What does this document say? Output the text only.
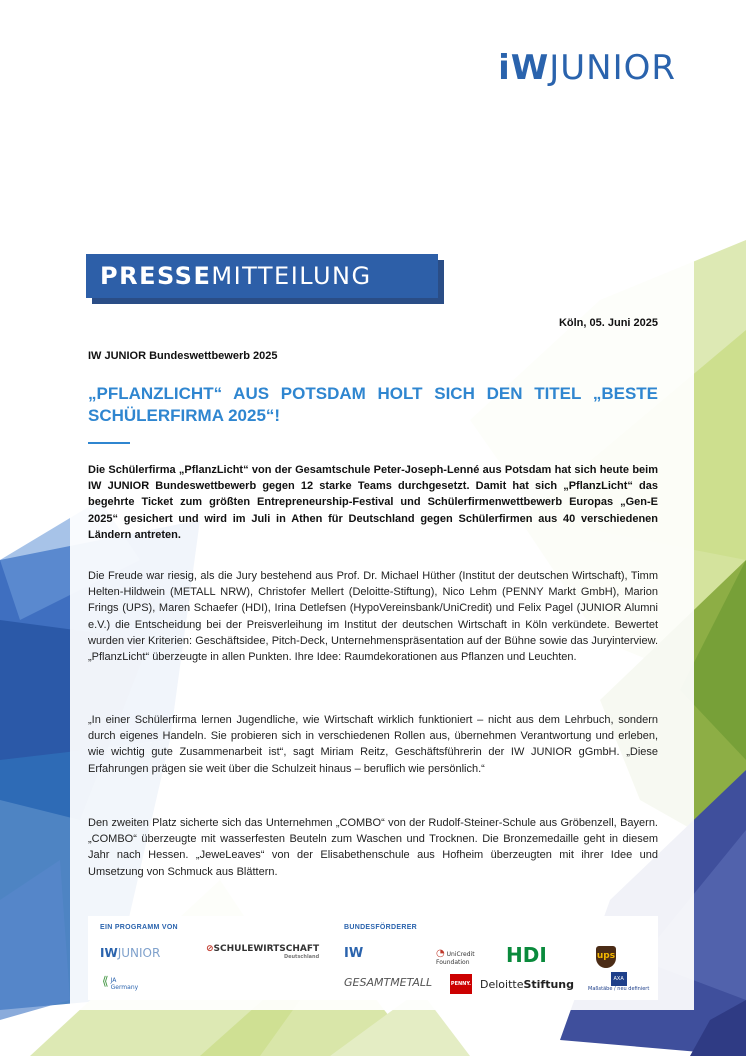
iWJUNIOR
PRESSEMITTEILUNG
Köln, 05. Juni 2025
IW JUNIOR Bundeswettbewerb 2025
„PFLANZLICHT“ AUS POTSDAM HOLT SICH DEN TITEL „BESTE SCHÜLERFIRMA 2025“!

Die Schülerfirma „PflanzLicht“ von der Gesamtschule Peter-Joseph-Lenné aus Potsdam hat sich heute beim IW JUNIOR Bundeswettbewerb gegen 12 starke Teams durchgesetzt. Damit hat sich „PflanzLicht“ das begehrte Ticket zum größten Entrepreneurship-Festival und Schülerfirmenwettbewerb Europas „Gen-E 2025“ gesichert und wird im Juli in Athen für Deutschland gegen Schülerfirmen aus 40 verschiedenen Ländern antreten.

Die Freude war riesig, als die Jury bestehend aus Prof. Dr. Michael Hüther (Institut der deutschen Wirtschaft), Timm Helten-Hildwein (METALL NRW), Christofer Mellert (Deloitte-Stiftung), Nico Lehm (PENNY Markt GmbH), Marion Frings (UPS), Maren Schaefer (HDI), Irina Detlefsen (HypoVereinsbank/UniCredit) und Felix Pagel (JUNIOR Alumni e.V.) die Entscheidung bei der Preisverleihung im Institut der deutschen Wirtschaft in Köln verkündete. Bewertet wurden vier Kriterien: Geschäftsidee, Pitch-Deck, Unternehmenspräsentation auf der Bühne sowie das Juryinterview. „PflanzLicht“ überzeugte in allen Punkten. Ihre Idee: Raumdekorationen aus Pflanzen und Leuchten.

„In einer Schülerfirma lernen Jugendliche, wie Wirtschaft wirklich funktioniert – nicht aus dem Lehrbuch, sondern durch eigenes Handeln. Sie probieren sich in verschiedenen Rollen aus, übernehmen Verantwortung und erleben, wie wichtig gute Zusammenarbeit ist“, sagt Miriam Reitz, Geschäftsführerin der IW JUNIOR gGmbH. „Diese Erfahrungen prägen sie weit über die Schulzeit hinaus – beruflich wie persönlich.“

Den zweiten Platz sicherte sich das Unternehmen „COMBO“ von der Rudolf-Steiner-Schule aus Gröbenzell, Bayern. „COMBO“ überzeugte mit wasserfesten Beuteln zum Waschen und Trocknen. Die Bronzemedaille geht in diesem Jahr nach Hessen. „JeweLeaves“ von der Elisabethenschule aus Hofheim überzeugten mit ihrer Idee und Umsetzung von Schmuck aus Blättern.

EIN PROGRAMM VON	BUNDESFÖRDERER
IWJUNIOR	⊘SCHULEWIRTSCHAFT
Deutschland
⟪ JA
Germany
IW	◔ UniCredit Foundation	HDI	ups
GESAMTMETALL	PENNY. DeloitteStiftung	AXA
Maßstäbe / neu definiert
